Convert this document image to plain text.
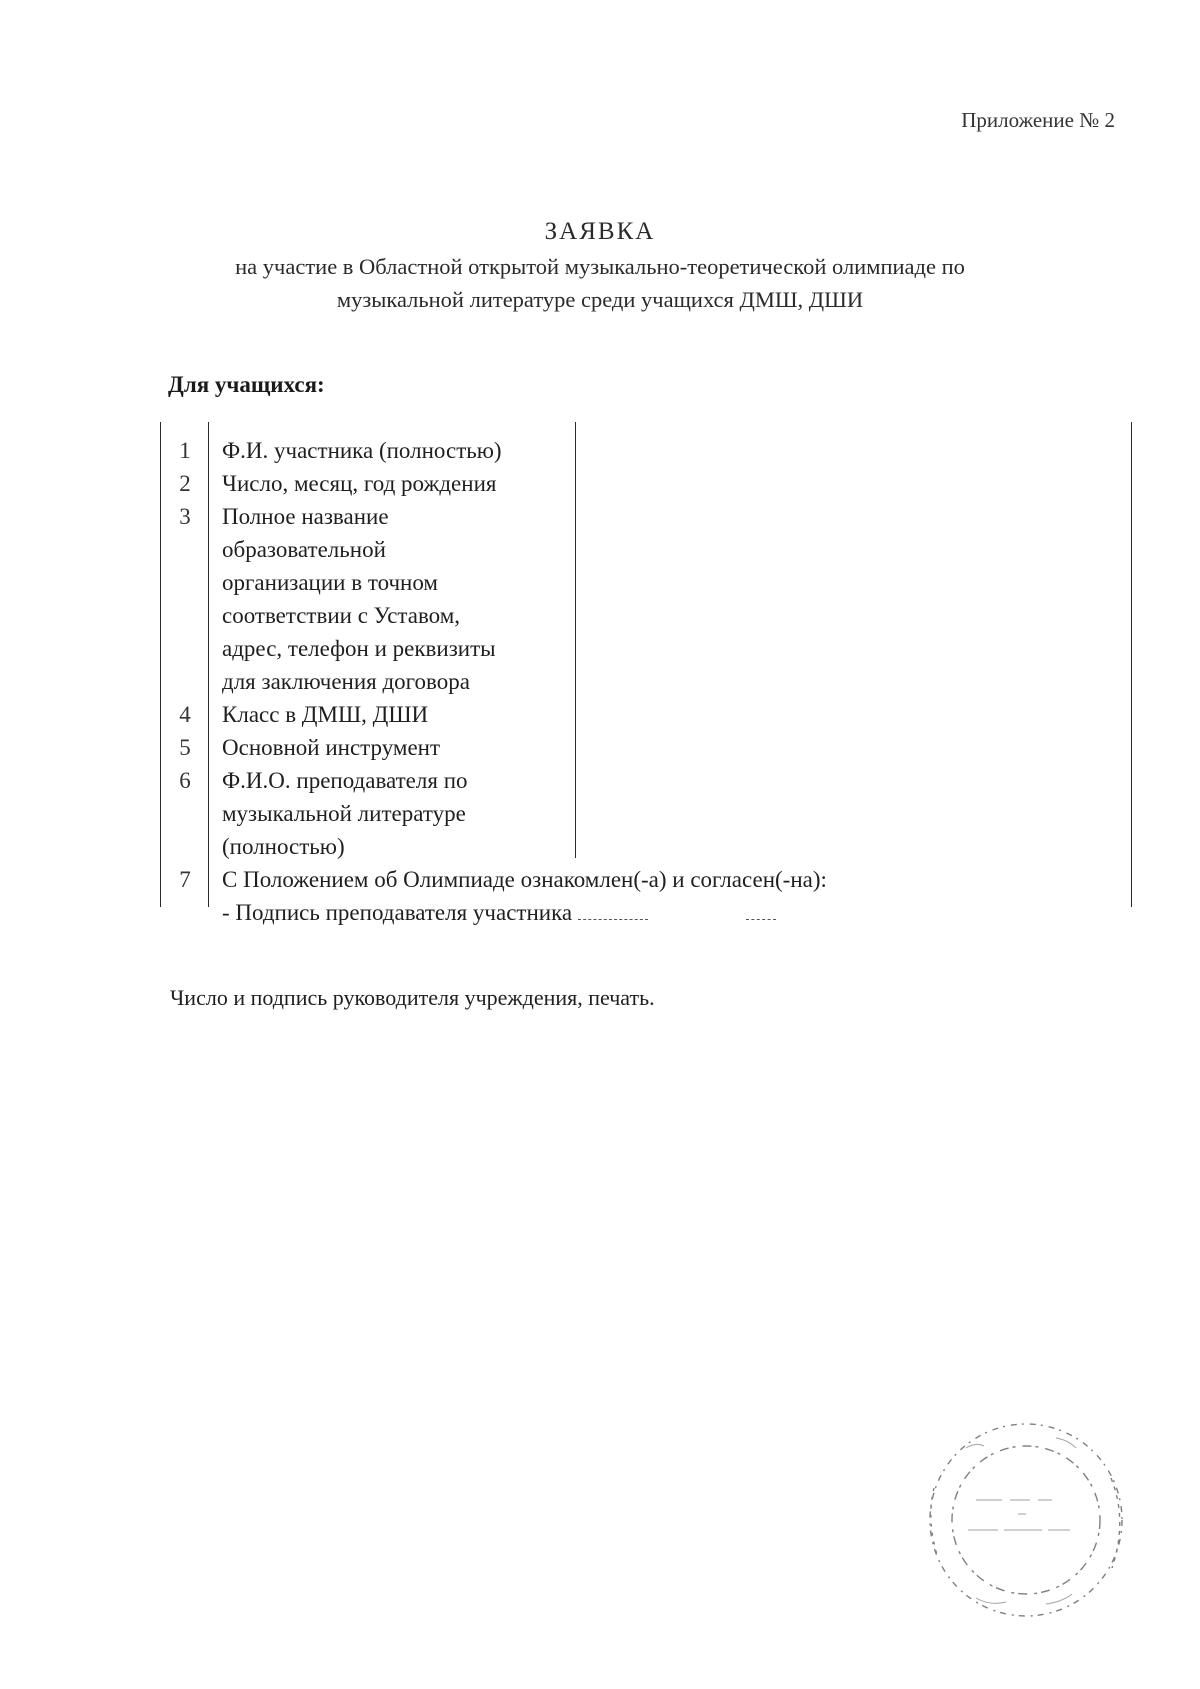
Приложение № 2
ЗАЯВКА
на участие в Областной открытой музыкально-теоретической олимпиаде по
музыкальной литературе среди учащихся ДМШ, ДШИ
Для учащихся:
1 Ф.И. участника (полностью)
2 Число, месяц, год рождения
3 Полное название
образовательной
организации в точном
соответствии с Уставом,
адрес, телефон и реквизиты
для заключения договора
4 Класс в ДМШ, ДШИ
5 Основной инструмент
6 Ф.И.О. преподавателя по
музыкальной литературе
(полностью)
7 С Положением об Олимпиаде ознакомлен(-а) и согласен(-на):
- Подпись преподавателя участника
Число и подпись руководителя учреждения, печать.
